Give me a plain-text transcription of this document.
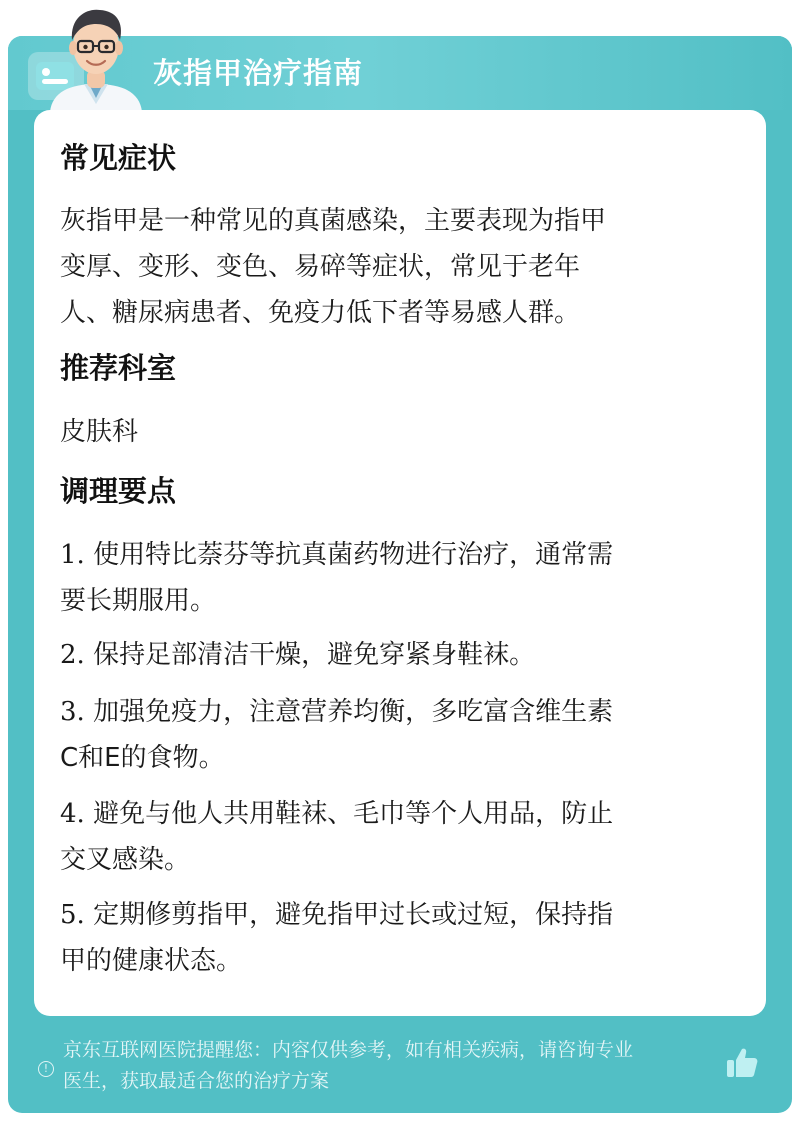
灰指甲治疗指南
!
京东互联网医院提醒您：内容仅供参考，如有相关疾病，请咨询专业
医生，获取最适合您的治疗方案
常见症状
灰指甲是一种常见的真菌感染，主要表现为指甲
变厚、变形、变色、易碎等症状，常见于老年
人、糖尿病患者、免疫力低下者等易感人群。
推荐科室
皮肤科
调理要点
1. 使用特比萘芬等抗真菌药物进行治疗，通常需
要长期服用。
2. 保持足部清洁干燥，避免穿紧身鞋袜。
3. 加强免疫力，注意营养均衡，多吃富含维生素
C和E的食物。
4. 避免与他人共用鞋袜、毛巾等个人用品，防止
交叉感染。
5. 定期修剪指甲，避免指甲过长或过短，保持指
甲的健康状态。
